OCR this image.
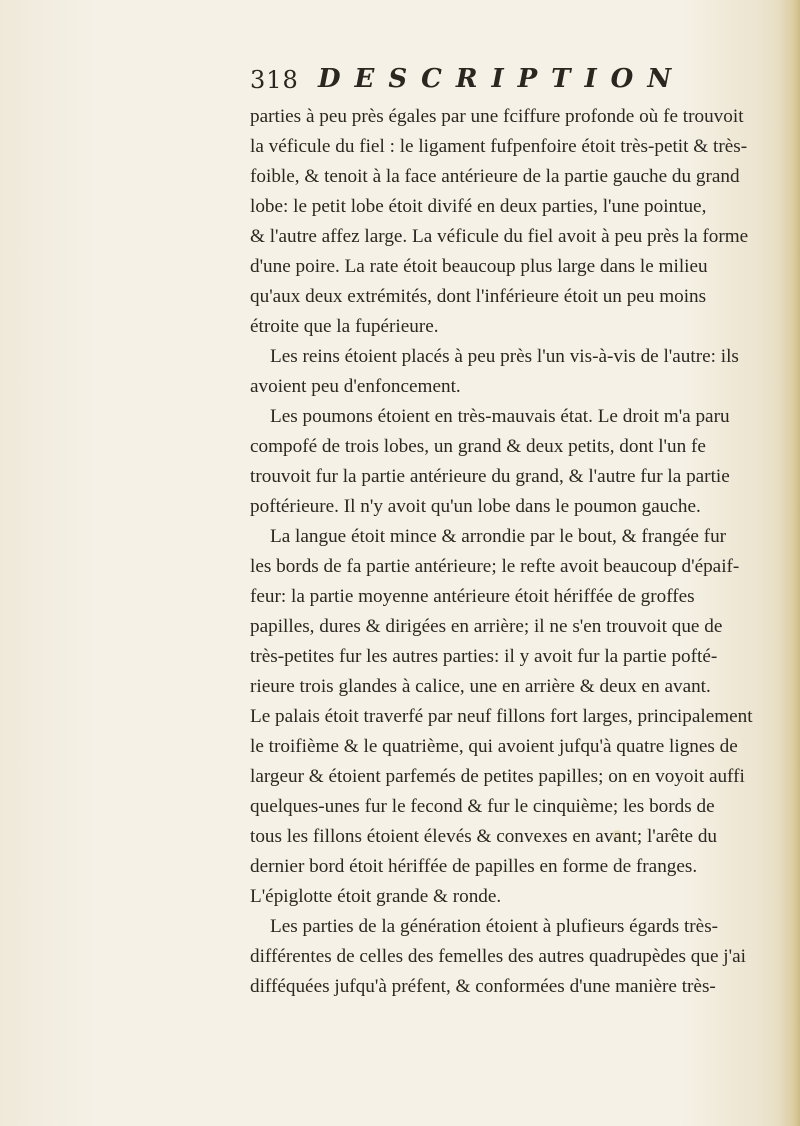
318 DESCRIPTION
parties à peu près égales par une fciffure profonde où fe trouvoit
la véficule du fiel : le ligament fufpenfoire étoit très-petit & très-
foible, & tenoit à la face antérieure de la partie gauche du grand
lobe: le petit lobe étoit divifé en deux parties, l'une pointue,
& l'autre affez large. La véficule du fiel avoit à peu près la forme
d'une poire. La rate étoit beaucoup plus large dans le milieu
qu'aux deux extrémités, dont l'inférieure étoit un peu moins
étroite que la fupérieure.
Les reins étoient placés à peu près l'un vis-à-vis de l'autre: ils
avoient peu d'enfoncement.
Les poumons étoient en très-mauvais état. Le droit m'a paru
compofé de trois lobes, un grand & deux petits, dont l'un fe
trouvoit fur la partie antérieure du grand, & l'autre fur la partie
poftérieure. Il n'y avoit qu'un lobe dans le poumon gauche.
La langue étoit mince & arrondie par le bout, & frangée fur
les bords de fa partie antérieure; le refte avoit beaucoup d'épaif-
feur: la partie moyenne antérieure étoit hériffée de groffes
papilles, dures & dirigées en arrière; il ne s'en trouvoit que de
très-petites fur les autres parties: il y avoit fur la partie pofté-
rieure trois glandes à calice, une en arrière & deux en avant.
Le palais étoit traverfé par neuf fillons fort larges, principalement
le troifième & le quatrième, qui avoient jufqu'à quatre lignes de
largeur & étoient parfemés de petites papilles; on en voyoit auffi
quelques-unes fur le fecond & fur le cinquième; les bords de
tous les fillons étoient élevés & convexes en avant; l'arête du
dernier bord étoit hériffée de papilles en forme de franges.
L'épiglotte étoit grande & ronde.
Les parties de la génération étoient à plufieurs égards très-
différentes de celles des femelles des autres quadrupèdes que j'ai
difféquées jufqu'à préfent, & conformées d'une manière très-
